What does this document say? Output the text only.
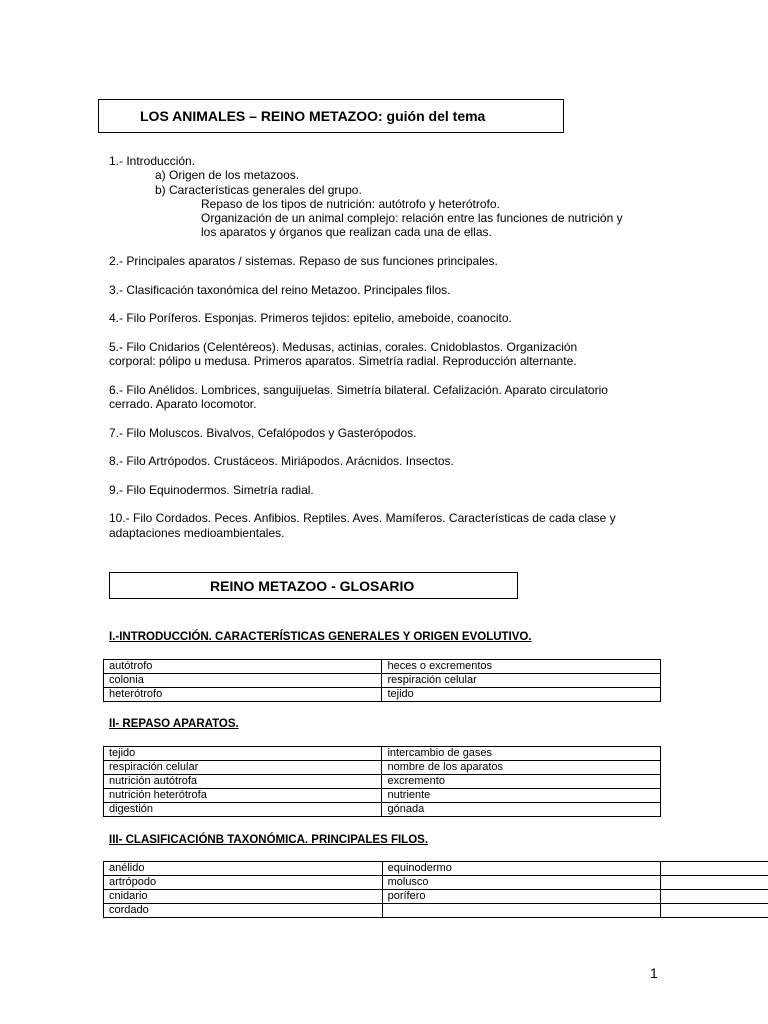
LOS ANIMALES – REINO METAZOO: guión del tema

1.- Introducción.

a) Origen de los metazoos.

b) Características generales del grupo.

Repaso de los tipos de nutrición: autótrofo y heterótrofo.

Organización de un animal complejo: relación entre las funciones de nutrición y

los aparatos y órganos que realizan cada una de ellas.

2.- Principales aparatos / sistemas. Repaso de sus funciones principales.

3.- Clasificación taxonómica del reino Metazoo. Principales filos.

4.- Filo Poríferos. Esponjas. Primeros tejidos: epitelio, ameboide, coanocito.

5.- Filo Cnidarios (Celentéreos). Medusas, actinias, corales. Cnidoblastos. Organización

corporal: pólipo u medusa. Primeros aparatos. Simetría radial. Reproducción alternante.

6.- Filo Anélidos. Lombrices, sanguijuelas. Simetría bilateral. Cefalización. Aparato circulatorio

cerrado. Aparato locomotor.

7.- Filo Moluscos. Bivalvos, Cefalópodos y Gasterópodos.

8.- Filo Artrópodos. Crustáceos. Miriápodos. Arácnidos. Insectos.

9.- Filo Equinodermos. Simetría radial.

10.- Filo Cordados. Peces. Anfibios. Reptiles. Aves. Mamíferos. Características de cada clase y

adaptaciones medioambientales.

REINO METAZOO - GLOSARIO
I.-INTRODUCCIÓN. CARACTERÍSTICAS GENERALES Y ORIGEN EVOLUTIVO.
autótrofo	heces o excrementos
colonia	respiración celular
heterótrofo	tejido
II- REPASO APARATOS.
tejido	intercambio de gases
respiración celular	nombre de los aparatos
nutrición autótrofa	excremento
nutrición heterótrofa	nutriente
digestión	gónada
III- CLASIFICACIÓNB TAXONÓMICA. PRINCIPALES FILOS.
anélido	equinodermo	
artrópodo	molusco	
cnidario	porífero	
cordado		
1
